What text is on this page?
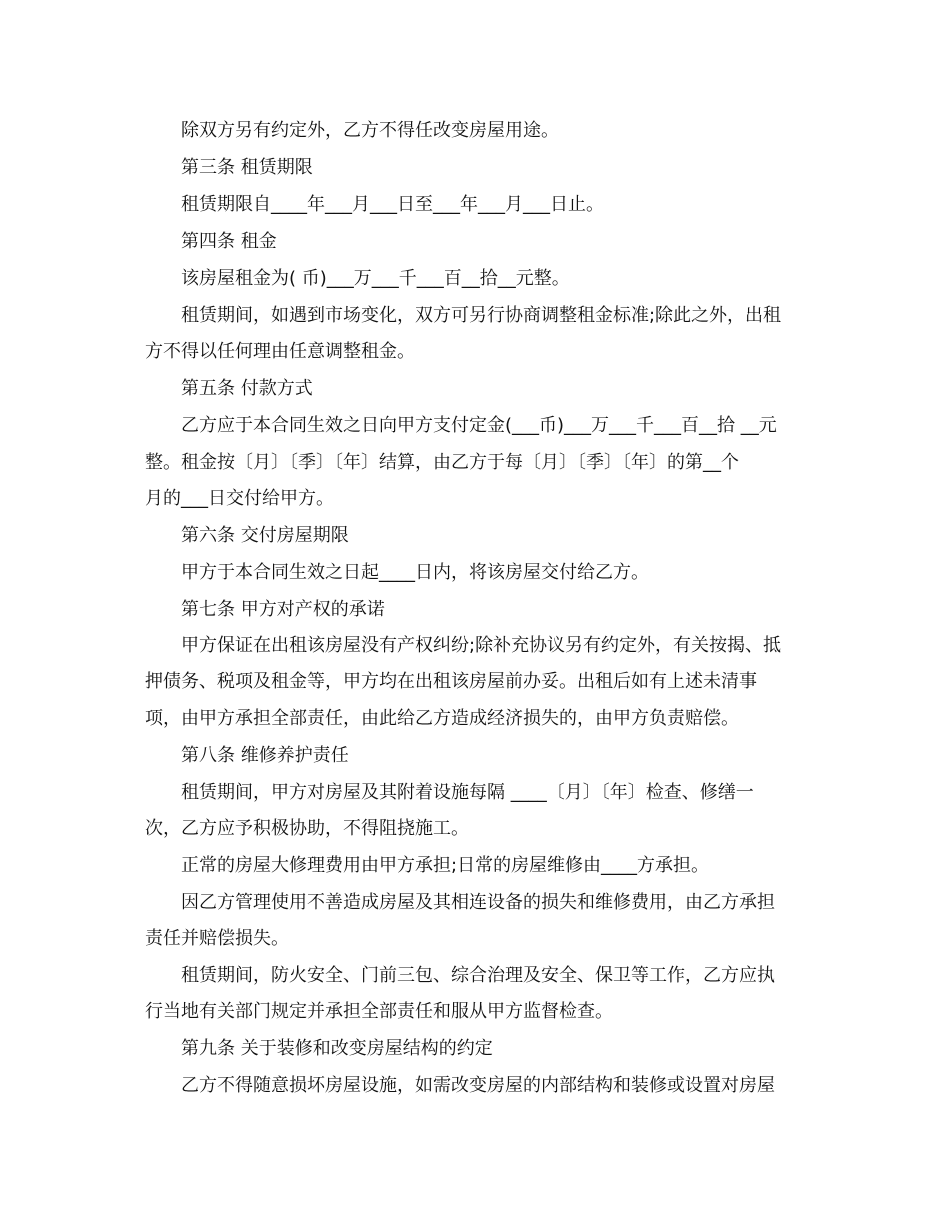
除双方另有约定外，乙方不得任改变房屋用途。
第三条 租赁期限
租赁期限自____年___月___日至___年___月___日止。
第四条 租金
该房屋租金为( 币)___万___千___百__拾__元整。
租赁期间，如遇到市场变化，双方可另行协商调整租金标准;除此之外，出租
方不得以任何理由任意调整租金。
第五条 付款方式
乙方应于本合同生效之日向甲方支付定金(___币)___万___千___百__拾 __元
整。租金按〔月〕〔季〕〔年〕结算，由乙方于每〔月〕〔季〕〔年〕的第__个
月的___日交付给甲方。
第六条 交付房屋期限
甲方于本合同生效之日起____日内，将该房屋交付给乙方。
第七条 甲方对产权的承诺
甲方保证在出租该房屋没有产权纠纷;除补充协议另有约定外，有关按揭、抵
押债务、税项及租金等，甲方均在出租该房屋前办妥。出租后如有上述未清事
项，由甲方承担全部责任，由此给乙方造成经济损失的，由甲方负责赔偿。
第八条 维修养护责任
租赁期间，甲方对房屋及其附着设施每隔 ____〔月〕〔年〕检查、修缮一
次，乙方应予积极协助，不得阻挠施工。
正常的房屋大修理费用由甲方承担;日常的房屋维修由____方承担。
因乙方管理使用不善造成房屋及其相连设备的损失和维修费用，由乙方承担
责任并赔偿损失。
租赁期间，防火安全、门前三包、综合治理及安全、保卫等工作，乙方应执
行当地有关部门规定并承担全部责任和服从甲方监督检查。
第九条 关于装修和改变房屋结构的约定
乙方不得随意损坏房屋设施，如需改变房屋的内部结构和装修或设置对房屋
